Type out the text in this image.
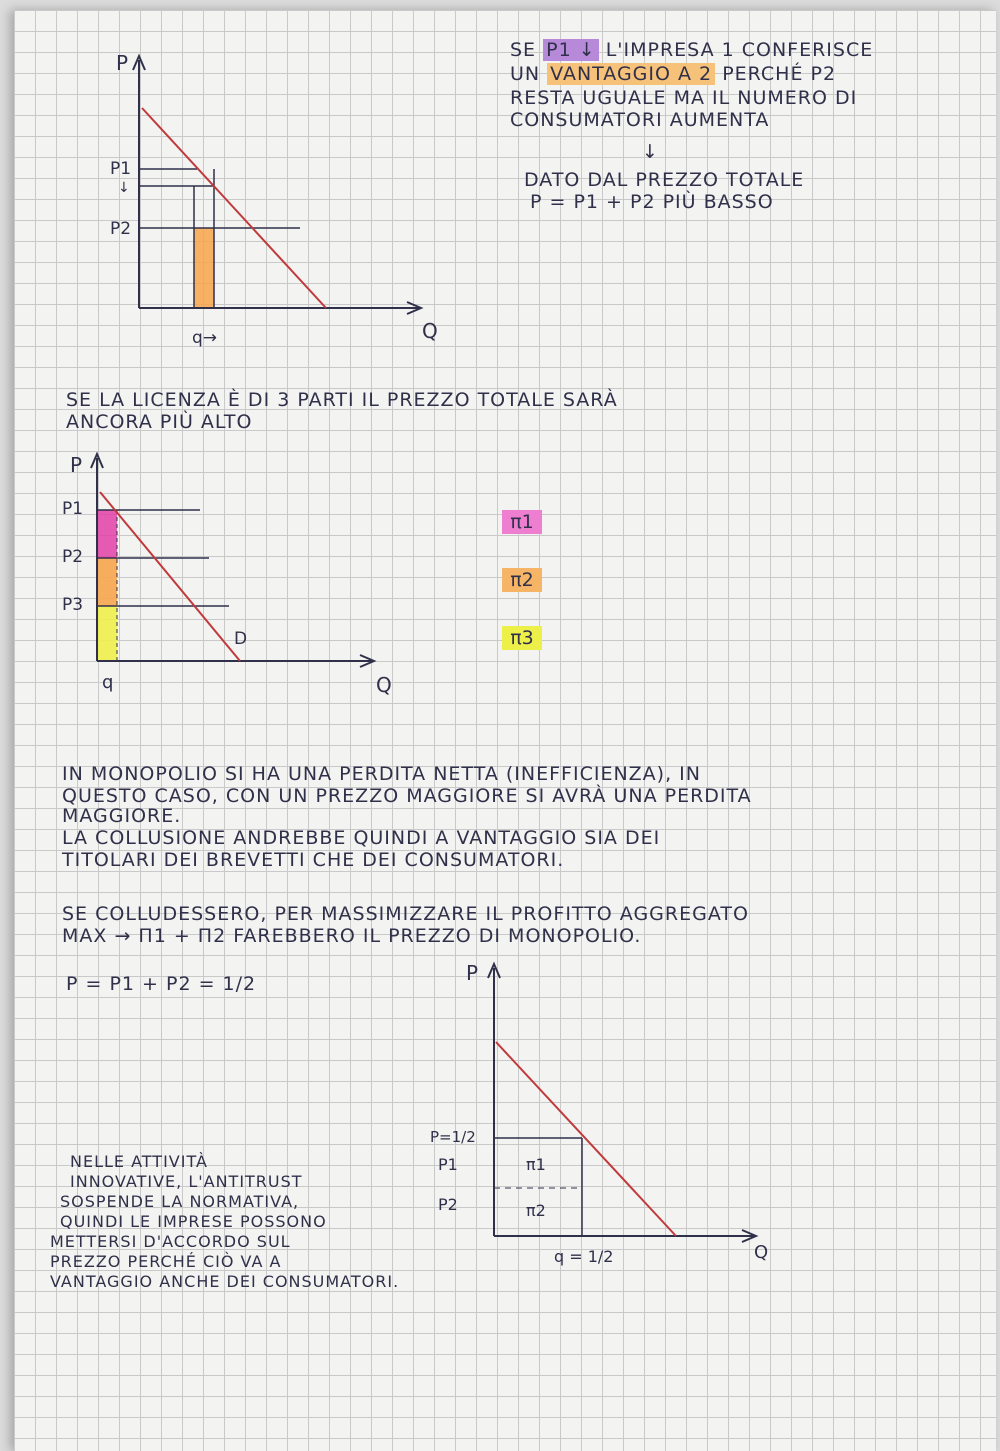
SE P1 ↓ L'IMPRESA 1 CONFERISCE

UN VANTAGGIO A 2 PERCHÉ P2

RESTA UGUALE MA IL NUMERO DI

CONSUMATORI AUMENTA

↓

DATO DAL PREZZO TOTALE

P = P1 + P2 PIÙ BASSO

P
Q
P1
↓
P2
q→

SE LA LICENZA È DI 3 PARTI IL PREZZO TOTALE SARÀ

ANCORA PIÙ ALTO

P
Q
P1
P2
P3
D
q
π1
π2
π3

IN MONOPOLIO SI HA UNA PERDITA NETTA (INEFFICIENZA), IN

QUESTO CASO, CON UN PREZZO MAGGIORE SI AVRÀ UNA PERDITA

MAGGIORE.

LA COLLUSIONE ANDREBBE QUINDI A VANTAGGIO SIA DEI

TITOLARI DEI BREVETTI CHE DEI CONSUMATORI.

SE COLLUDESSERO, PER MASSIMIZZARE IL PROFITTO AGGREGATO

MAX → Π1 + Π2 FAREBBERO IL PREZZO DI MONOPOLIO.

P = P1 + P2 = 1/2	P
Q
P=1/2
P1
P2
π1
π2
q = 1/2

NELLE ATTIVITÀ

INNOVATIVE, L'ANTITRUST

SOSPENDE LA NORMATIVA,

QUINDI LE IMPRESE POSSONO

METTERSI D'ACCORDO SUL

PREZZO PERCHÉ CIÒ VA A

VANTAGGIO ANCHE DEI CONSUMATORI.
